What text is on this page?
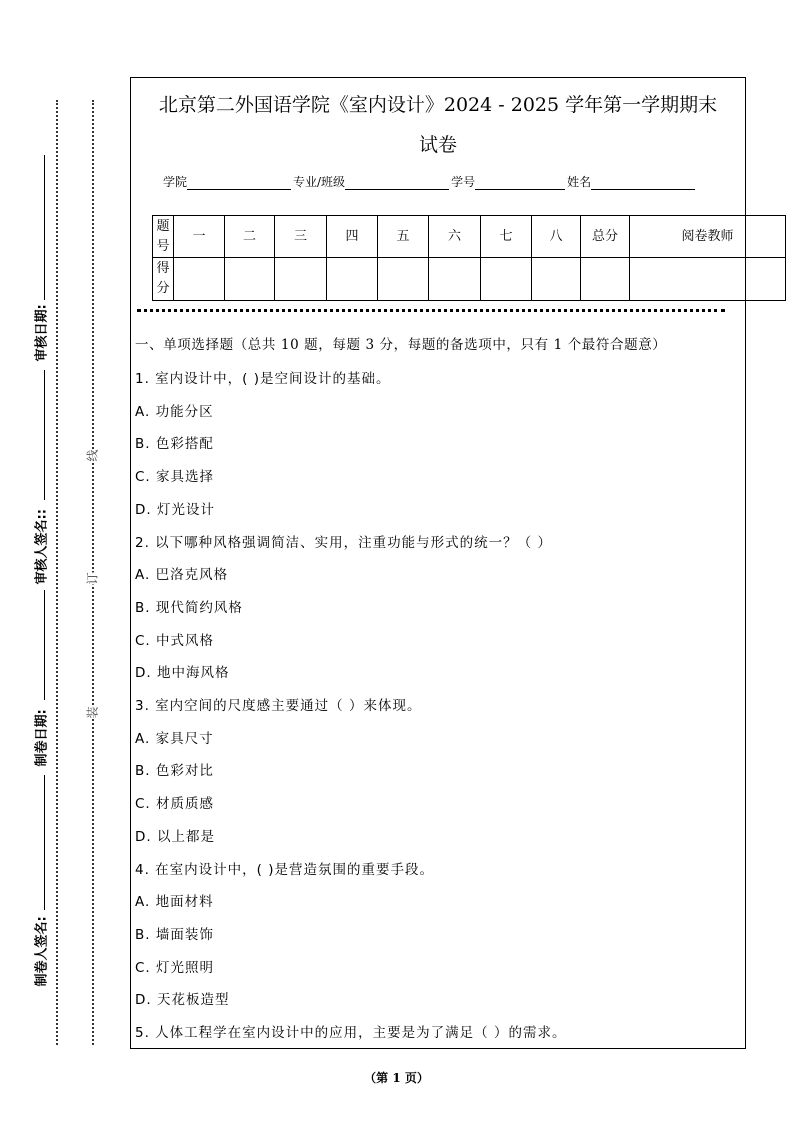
审核日期:
审核人签名::
制卷日期:
制卷人签名:
线
订
装
北京第二外国语学院《室内设计》2024 - 2025 学年第一学期期末
试卷
学院	专业/班级	学号	姓名
题号	一	二	三	四	五	六	七	八	总分	阅卷教师
得分										
一、单项选择题（总共 10 题，每题 3 分，每题的备选项中，只有 1 个最符合题意）
1. 室内设计中，( )是空间设计的基础。
A. 功能分区
B. 色彩搭配
C. 家具选择
D. 灯光设计
2. 以下哪种风格强调简洁、实用，注重功能与形式的统一？（ ）
A. 巴洛克风格
B. 现代简约风格
C. 中式风格
D. 地中海风格
3. 室内空间的尺度感主要通过（ ）来体现。
A. 家具尺寸
B. 色彩对比
C. 材质质感
D. 以上都是
4. 在室内设计中，( )是营造氛围的重要手段。
A. 地面材料
B. 墙面装饰
C. 灯光照明
D. 天花板造型
5. 人体工程学在室内设计中的应用，主要是为了满足（ ）的需求。
（第 1 页）
